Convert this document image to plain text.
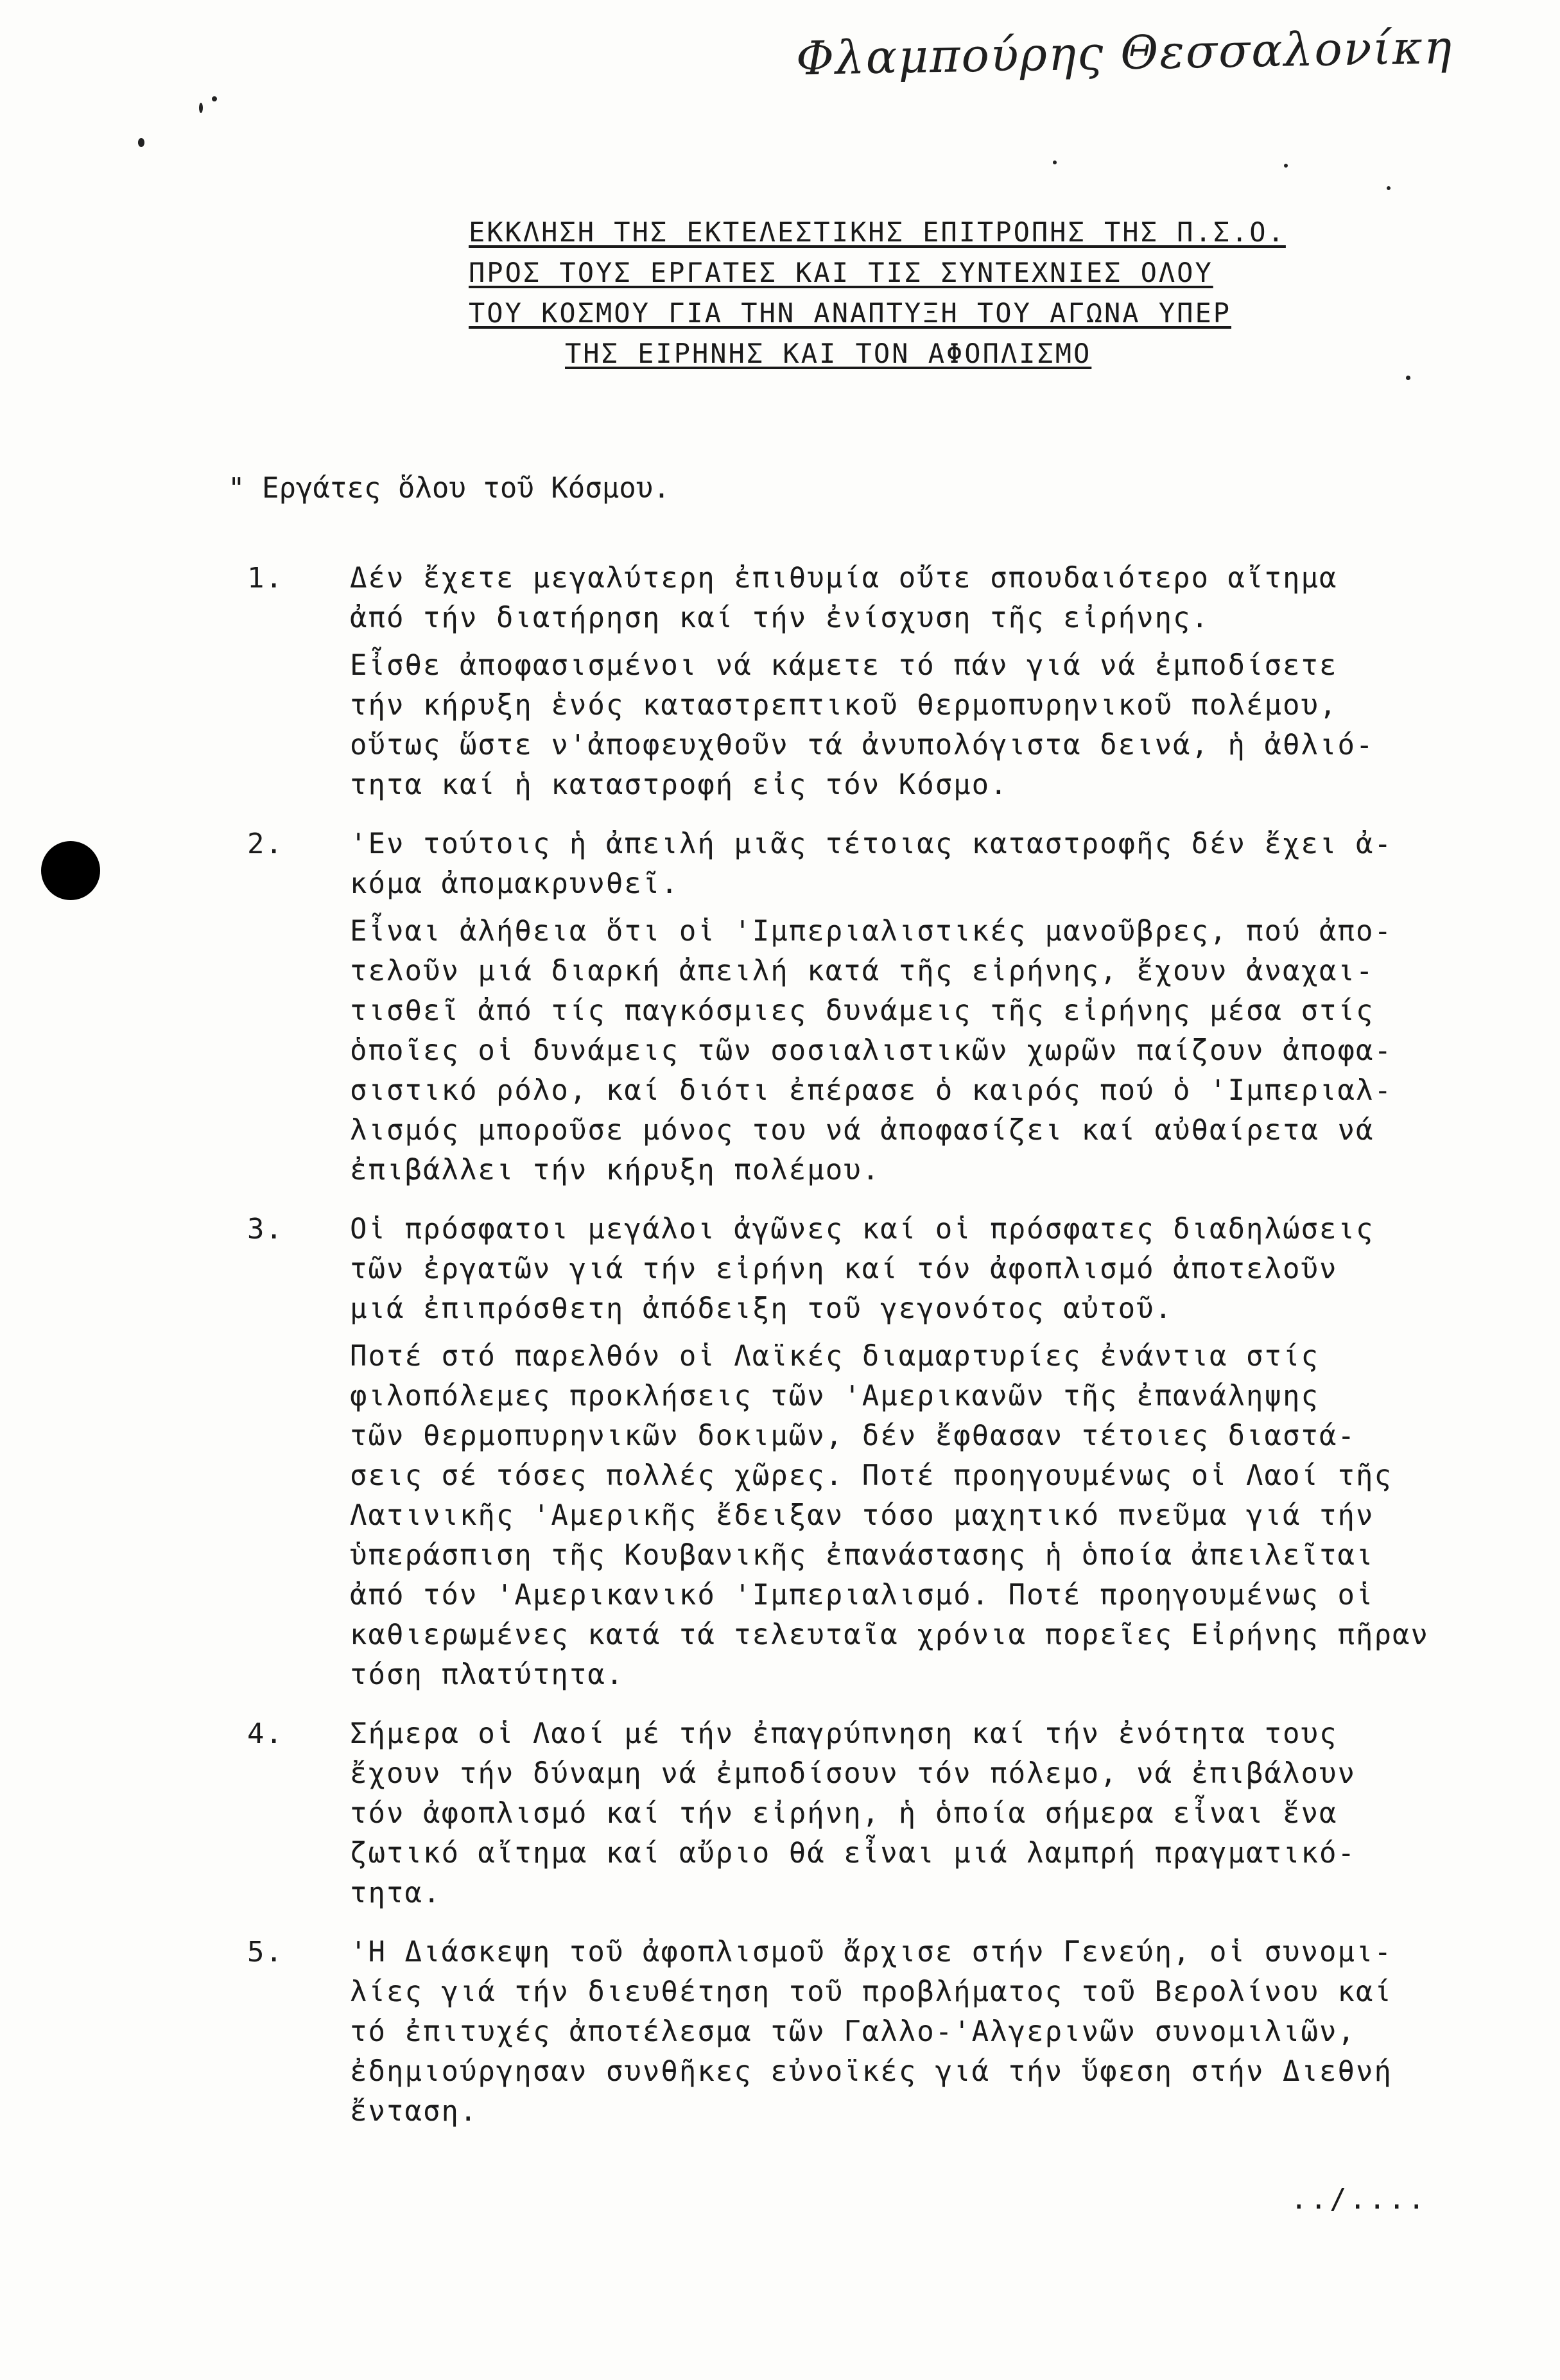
Φλαμπούρης Θεσσαλονίκη
ΕΚΚΛΗΣΗ ΤΗΣ ΕΚΤΕΛΕΣΤΙΚΗΣ ΕΠΙΤΡΟΠΗΣ ΤΗΣ Π.Σ.Ο.
ΠΡΟΣ ΤΟΥΣ ΕΡΓΑΤΕΣ ΚΑΙ ΤΙΣ ΣΥΝΤΕΧΝΙΕΣ ΟΛΟΥ
ΤΟΥ ΚΟΣΜΟΥ ΓΙΑ ΤΗΝ ΑΝΑΠΤΥΞΗ ΤΟΥ ΑΓΩΝΑ ΥΠΕΡ
ΤΗΣ ΕΙΡΗΝΗΣ ΚΑΙ ΤΟΝ ΑΦΟΠΛΙΣΜΟ
" Εργάτες ὅλου τοῦ Κόσμου.
1. Δέν ἔχετε μεγαλύτερη ἐπιθυμία οὔτε σπουδαιότερο αἴτημα
ἀπό τήν διατήρηση καί τήν ἐνίσχυση τῆς εἰρήνης.
Εἶσθε ἀποφασισμένοι νά κάμετε τό πάν γιά νά ἐμποδίσετε
τήν κήρυξη ἑνός καταστρεπτικοῦ θερμοπυρηνικοῦ πολέμου,
οὕτως ὥστε ν'ἀποφευχθοῦν τά ἀνυπολόγιστα δεινά, ἡ ἀθλιό-
τητα καί ἡ καταστροφή εἰς τόν Κόσμο.
2. 'Εν τούτοις ἡ ἀπειλή μιᾶς τέτοιας καταστροφῆς δέν ἔχει ἀ-
κόμα ἀπομακρυνθεῖ.
Εἶναι ἀλήθεια ὅτι οἱ 'Ιμπεριαλιστικές μανοῦβρες, πού ἀπο-
τελοῦν μιά διαρκή ἀπειλή κατά τῆς εἰρήνης, ἔχουν ἀναχαι-
τισθεῖ ἀπό τίς παγκόσμιες δυνάμεις τῆς εἰρήνης μέσα στίς
ὁποῖες οἱ δυνάμεις τῶν σοσιαλιστικῶν χωρῶν παίζουν ἀποφα-
σιστικό ρόλο, καί διότι ἐπέρασε ὁ καιρός πού ὁ 'Ιμπεριαλ-
λισμός μποροῦσε μόνος του νά ἀποφασίζει καί αὐθαίρετα νά
ἐπιβάλλει τήν κήρυξη πολέμου.
3. Οἱ πρόσφατοι μεγάλοι ἀγῶνες καί οἱ πρόσφατες διαδηλώσεις
τῶν ἐργατῶν γιά τήν εἰρήνη καί τόν ἀφοπλισμό ἀποτελοῦν
μιά ἐπιπρόσθετη ἀπόδειξη τοῦ γεγονότος αὐτοῦ.
Ποτέ στό παρελθόν οἱ Λαϊκές διαμαρτυρίες ἐνάντια στίς
φιλοπόλεμες προκλήσεις τῶν 'Αμερικανῶν τῆς ἐπανάληψης
τῶν θερμοπυρηνικῶν δοκιμῶν, δέν ἔφθασαν τέτοιες διαστά-
σεις σέ τόσες πολλές χῶρες. Ποτέ προηγουμένως οἱ Λαοί τῆς
Λατινικῆς 'Αμερικῆς ἔδειξαν τόσο μαχητικό πνεῦμα γιά τήν
ὑπεράσπιση τῆς Κουβανικῆς ἐπανάστασης ἡ ὁποία ἀπειλεῖται
ἀπό τόν 'Αμερικανικό 'Ιμπεριαλισμό. Ποτέ προηγουμένως οἱ
καθιερωμένες κατά τά τελευταῖα χρόνια πορεῖες Εἰρήνης πῆραν
τόση πλατύτητα.
4. Σήμερα οἱ Λαοί μέ τήν ἐπαγρύπνηση καί τήν ἐνότητα τους
ἔχουν τήν δύναμη νά ἐμποδίσουν τόν πόλεμο, νά ἐπιβάλουν
τόν ἀφοπλισμό καί τήν εἰρήνη, ἡ ὁποία σήμερα εἶναι ἕνα
ζωτικό αἴτημα καί αὔριο θά εἶναι μιά λαμπρή πραγματικό-
τητα.
5. 'Η Διάσκεψη τοῦ ἀφοπλισμοῦ ἄρχισε στήν Γενεύη, οἱ συνομι-
λίες γιά τήν διευθέτηση τοῦ προβλήματος τοῦ Βερολίνου καί
τό ἐπιτυχές ἀποτέλεσμα τῶν Γαλλο-'Αλγερινῶν συνομιλιῶν,
ἐδημιούργησαν συνθῆκες εὐνοϊκές γιά τήν ὕφεση στήν Διεθνή
ἔνταση.
../....
